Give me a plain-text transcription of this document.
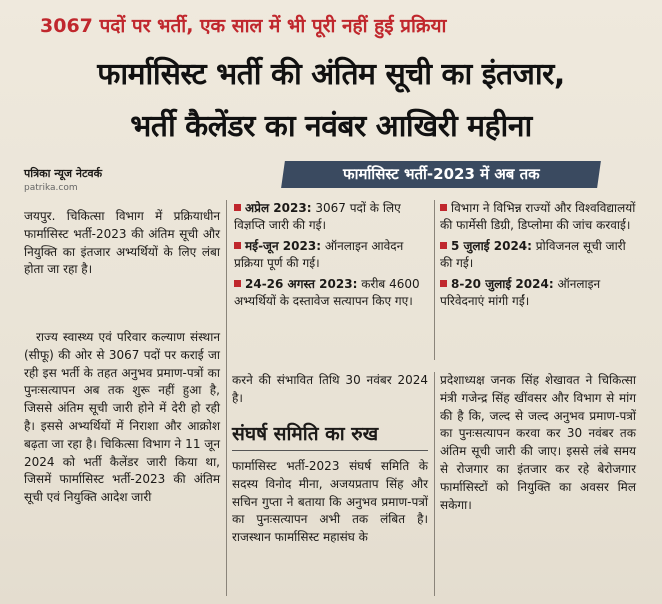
3067 पदों पर भर्ती, एक साल में भी पूरी नहीं हुई प्रक्रिया
फार्मासिस्ट भर्ती की अंतिम सूची का इंतजार,
भर्ती कैलेंडर का नवंबर आखिरी महीना
पत्रिका न्यूज नेटवर्क
patrika.com
फार्मासिस्ट भर्ती-2023 में अब तक

जयपुर. चिकित्सा विभाग में प्रक्रियाधीन फार्मासिस्ट भर्ती-2023 की अंतिम सूची और नियुक्ति का इंतजार अभ्यर्थियों के लिए लंबा होता जा रहा है।

राज्य स्वास्थ्य एवं परिवार कल्याण संस्थान (सीफू) की ओर से 3067 पदों पर कराई जा रही इस भर्ती के तहत अनुभव प्रमाण-पत्रों का पुनःसत्यापन अब तक शुरू नहीं हुआ है, जिससे अंतिम सूची जारी होने में देरी हो रही है। इससे अभ्यर्थियों में निराशा और आक्रोश बढ़ता जा रहा है। चिकित्सा विभाग ने 11 जून 2024 को भर्ती कैलेंडर जारी किया था, जिसमें फार्मासिस्ट भर्ती-2023 की अंतिम सूची एवं नियुक्ति आदेश जारी

अप्रेल 2023: 3067 पदों के लिए विज्ञप्ति जारी की गई।
मई-जून 2023: ऑनलाइन आवेदन प्रक्रिया पूर्ण की गई।
24-26 अगस्त 2023: करीब 4600 अभ्यर्थियों के दस्तावेज सत्यापन किए गए।
विभाग ने विभिन्न राज्यों और विश्वविद्यालयों की फार्मेसी डिग्री, डिप्लोमा की जांच करवाई।
5 जुलाई 2024: प्रोविजनल सूची जारी की गई।
8-20 जुलाई 2024: ऑनलाइन परिवेदनाएं मांगी गईं।

करने की संभावित तिथि 30 नवंबर 2024 है।

संघर्ष समिति का रुख

फार्मासिस्ट भर्ती-2023 संघर्ष समिति के सदस्य विनोद मीना, अजयप्रताप सिंह और सचिन गुप्ता ने बताया कि अनुभव प्रमाण-पत्रों का पुनःसत्यापन अभी तक लंबित है। राजस्थान फार्मासिस्ट महासंघ के

प्रदेशाध्यक्ष जनक सिंह शेखावत ने चिकित्सा मंत्री गजेन्द्र सिंह खींवसर और विभाग से मांग की है कि, जल्द से जल्द अनुभव प्रमाण-पत्रों का पुनःसत्यापन करवा कर 30 नवंबर तक अंतिम सूची जारी की जाए। इससे लंबे समय से रोजगार का इंतजार कर रहे बेरोजगार फार्मासिस्टों को नियुक्ति का अवसर मिल सकेगा।
